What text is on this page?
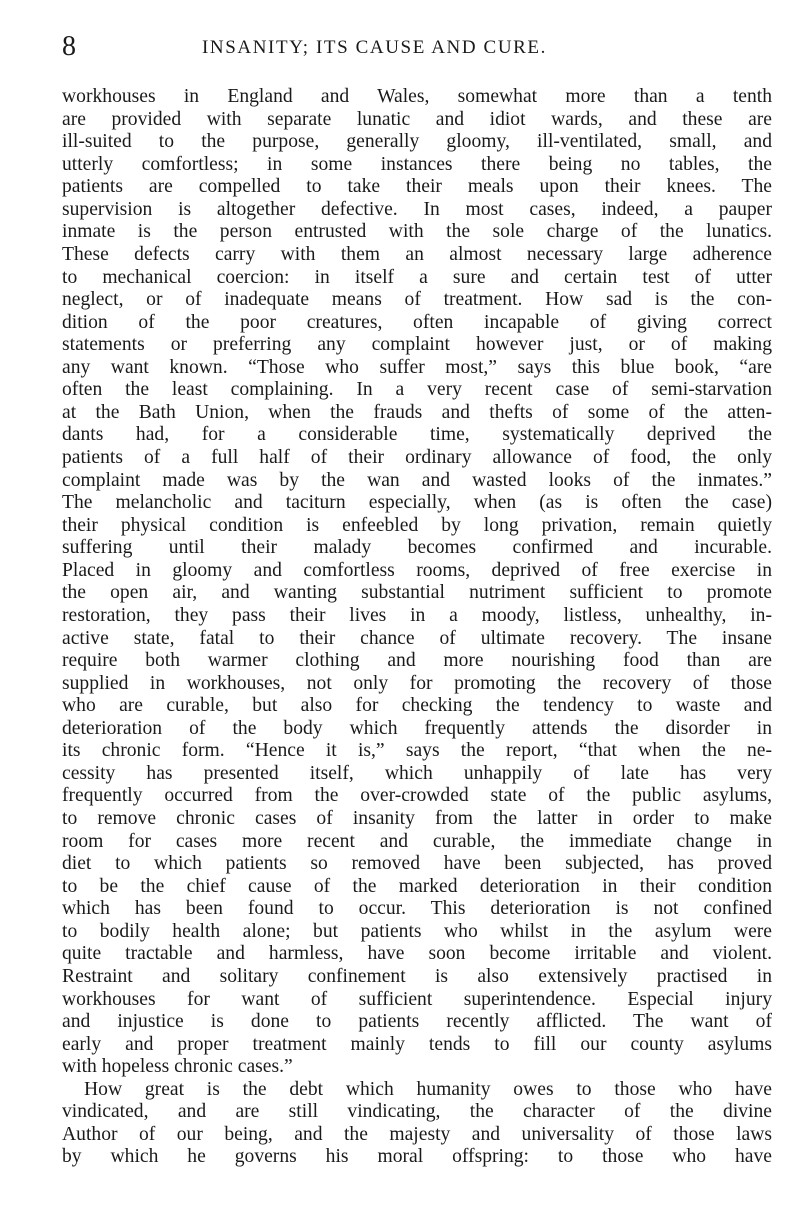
8	INSANITY; ITS CAUSE AND CURE.
workhouses in England and Wales, somewhat more than a tenth
are provided with separate lunatic and idiot wards, and these are
ill-suited to the purpose, generally gloomy, ill-ventilated, small, and
utterly comfortless; in some instances there being no tables, the
patients are compelled to take their meals upon their knees. The
supervision is altogether defective. In most cases, indeed, a pauper
inmate is the person entrusted with the sole charge of the lunatics.
These defects carry with them an almost necessary large adherence
to mechanical coercion: in itself a sure and certain test of utter
neglect, or of inadequate means of treatment. How sad is the con-
dition of the poor creatures, often incapable of giving correct
statements or preferring any complaint however just, or of making
any want known. “Those who suffer most,” says this blue book, “are
often the least complaining. In a very recent case of semi-starvation
at the Bath Union, when the frauds and thefts of some of the atten-
dants had, for a considerable time, systematically deprived the
patients of a full half of their ordinary allowance of food, the only
complaint made was by the wan and wasted looks of the inmates.”
The melancholic and taciturn especially, when (as is often the case)
their physical condition is enfeebled by long privation, remain quietly
suffering until their malady becomes confirmed and incurable.
Placed in gloomy and comfortless rooms, deprived of free exercise in
the open air, and wanting substantial nutriment sufficient to promote
restoration, they pass their lives in a moody, listless, unhealthy, in-
active state, fatal to their chance of ultimate recovery. The insane
require both warmer clothing and more nourishing food than are
supplied in workhouses, not only for promoting the recovery of those
who are curable, but also for checking the tendency to waste and
deterioration of the body which frequently attends the disorder in
its chronic form. “Hence it is,” says the report, “that when the ne-
cessity has presented itself, which unhappily of late has very
frequently occurred from the over-crowded state of the public asylums,
to remove chronic cases of insanity from the latter in order to make
room for cases more recent and curable, the immediate change in
diet to which patients so removed have been subjected, has proved
to be the chief cause of the marked deterioration in their condition
which has been found to occur. This deterioration is not confined
to bodily health alone; but patients who whilst in the asylum were
quite tractable and harmless, have soon become irritable and violent.
Restraint and solitary confinement is also extensively practised in
workhouses for want of sufficient superintendence. Especial injury
and injustice is done to patients recently afflicted. The want of
early and proper treatment mainly tends to fill our county asylums
with hopeless chronic cases.”
How great is the debt which humanity owes to those who have
vindicated, and are still vindicating, the character of the divine
Author of our being, and the majesty and universality of those laws
by which he governs his moral offspring: to those who have
